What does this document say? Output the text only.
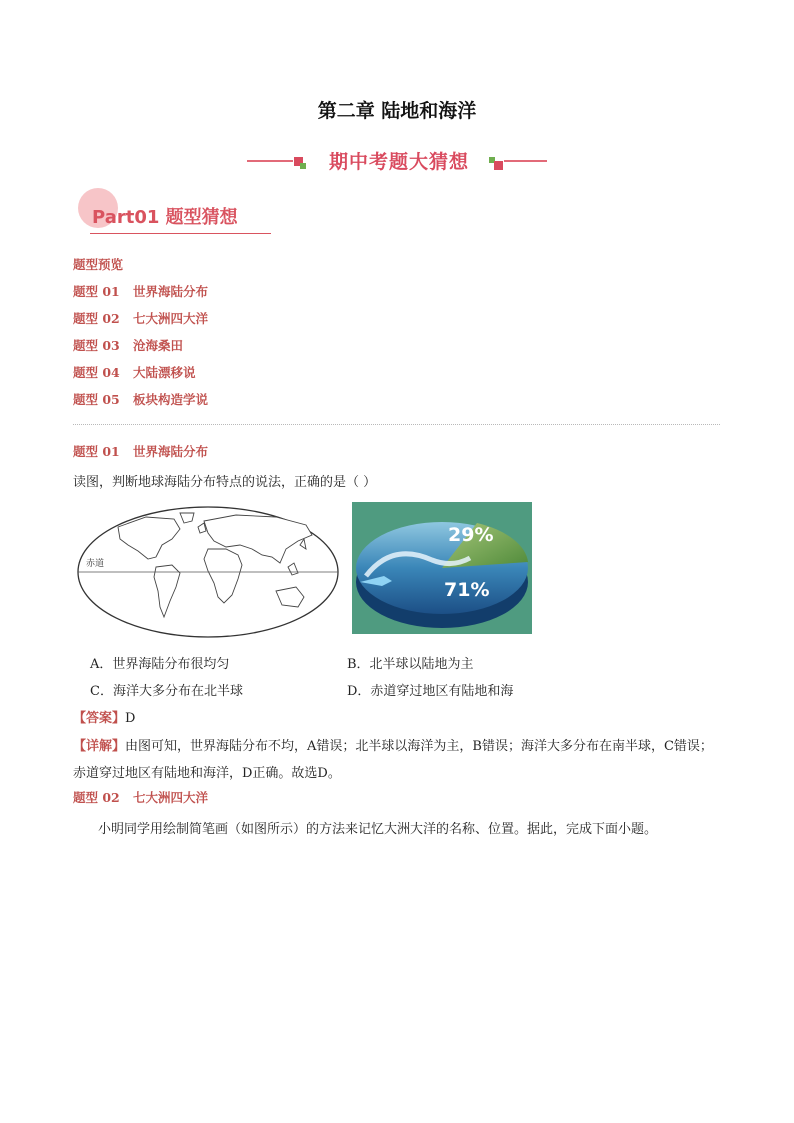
第二章 陆地和海洋
期中考题大猜想
Part01 题型猜想
题型预览
题型 01 世界海陆分布
题型 02 七大洲四大洋
题型 03 沧海桑田
题型 04 大陆漂移说
题型 05 板块构造学说
题型 01 世界海陆分布
读图，判断地球海陆分布特点的说法，正确的是（ ）
赤道
29%
71%
A．世界海陆分布很均匀	B．北半球以陆地为主
C．海洋大多分布在北半球	D．赤道穿过地区有陆地和海
【答案】D
【详解】由图可知，世界海陆分布不均，A错误；北半球以海洋为主，B错误；海洋大多分布在南半球，C错误；赤道穿过地区有陆地和海洋，D正确。故选D。
题型 02 七大洲四大洋
小明同学用绘制简笔画（如图所示）的方法来记忆大洲大洋的名称、位置。据此，完成下面小题。
